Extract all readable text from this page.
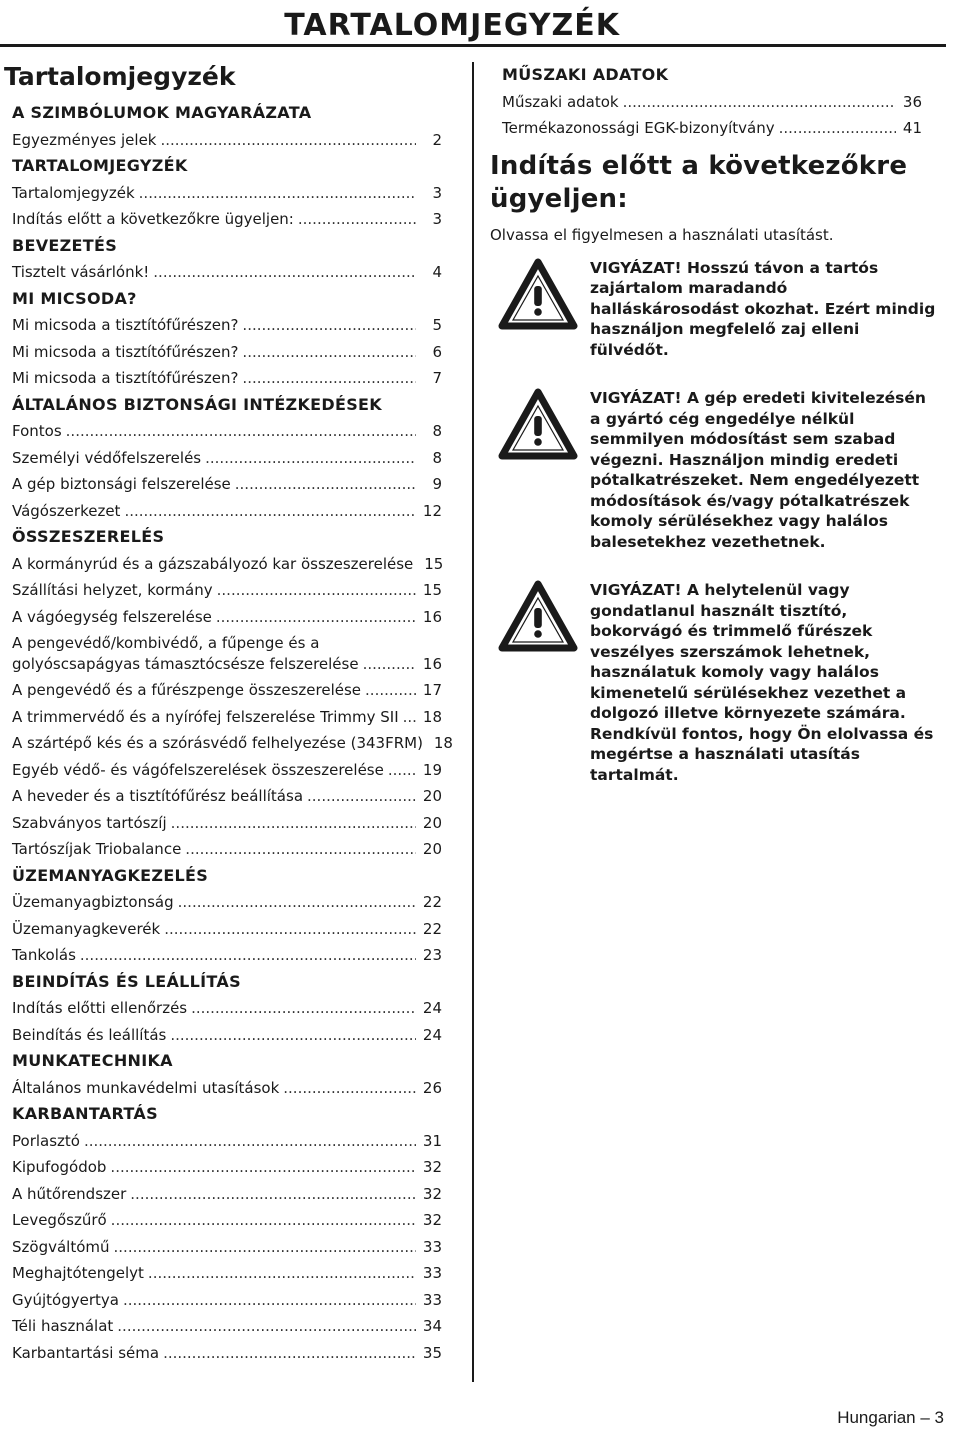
TARTALOMJEGYZÉK
Tartalomjegyzék
A SZIMBÓLUMOK MAGYARÁZATA
Egyezményes jelek .....	2
TARTALOMJEGYZÉK
Tartalomjegyzék .....	3
Indítás előtt a következőkre ügyeljen: .....	3
BEVEZETÉS
Tisztelt vásárlónk! .....	4
MI MICSODA?
Mi micsoda a tisztítófűrészen? .....	5
Mi micsoda a tisztítófűrészen? .....	6
Mi micsoda a tisztítófűrészen? .....	7
ÁLTALÁNOS BIZTONSÁGI INTÉZKEDÉSEK
Fontos .....	8
Személyi védőfelszerelés .....	8
A gép biztonsági felszerelése .....	9
Vágószerkezet .....	12
ÖSSZESZERELÉS
A kormányrúd és a gázszabályozó kar összeszerelése 15
Szállítási helyzet, kormány .....	15
A vágóegység felszerelése .....	16
A pengevédő/kombivédő, a fűpenge és a
golyóscsapágyas támasztócsésze felszerelése .....	16
A pengevédő és a fűrészpenge összeszerelése .....	17
A trimmervédő és a nyírófej felszerelése Trimmy SII ..... 18
A szártépő kés és a szórásvédő felhelyezése (343FRM) 18
Egyéb védő- és vágófelszerelések összeszerelése .....	19
A heveder és a tisztítófűrész beállítása .....	20
Szabványos tartószíj .....	20
Tartószíjak Triobalance .....	20
ÜZEMANYAGKEZELÉS
Üzemanyagbiztonság .....	22
Üzemanyagkeverék .....	22
Tankolás .....	23
BEINDÍTÁS ÉS LEÁLLÍTÁS
Indítás előtti ellenőrzés .....	24
Beindítás és leállítás .....	24
MUNKATECHNIKA
Általános munkavédelmi utasítások .....	26
KARBANTARTÁS
Porlasztó .....	31
Kipufogódob .....	32
A hűtőrendszer .....	32
Levegőszűrő .....	32
Szögváltómű .....	33
Meghajtótengelyt .....	33
Gyújtógyertya .....	33
Téli használat .....	34
Karbantartási séma .....	35
MŰSZAKI ADATOK
Műszaki adatok .....	36
Termékazonossági EGK-bizonyítvány .....	41
Indítás előtt a következőkre ügyeljen:
Olvassa el figyelmesen a használati utasítást.
VIGYÁZAT! Hosszú távon a tartós zajártalom maradandó halláskárosodást okozhat. Ezért mindig használjon megfelelő zaj elleni fülvédőt.
VIGYÁZAT! A gép eredeti kivitelezésén a gyártó cég engedélye nélkül semmilyen módosítást sem szabad végezni. Használjon mindig eredeti pótalkatrészeket. Nem engedélyezett módosítások és/vagy pótalkatrészek komoly sérülésekhez vagy halálos balesetekhez vezethetnek.
VIGYÁZAT! A helytelenül vagy gondatlanul használt tisztító, bokorvágó és trimmelő fűrészek veszélyes szerszámok lehetnek, használatuk komoly vagy halálos kimenetelű sérülésekhez vezethet a dolgozó illetve környezete számára. Rendkívül fontos, hogy Ön elolvassa és megértse a használati utasítás tartalmát.
Hungarian – 3
